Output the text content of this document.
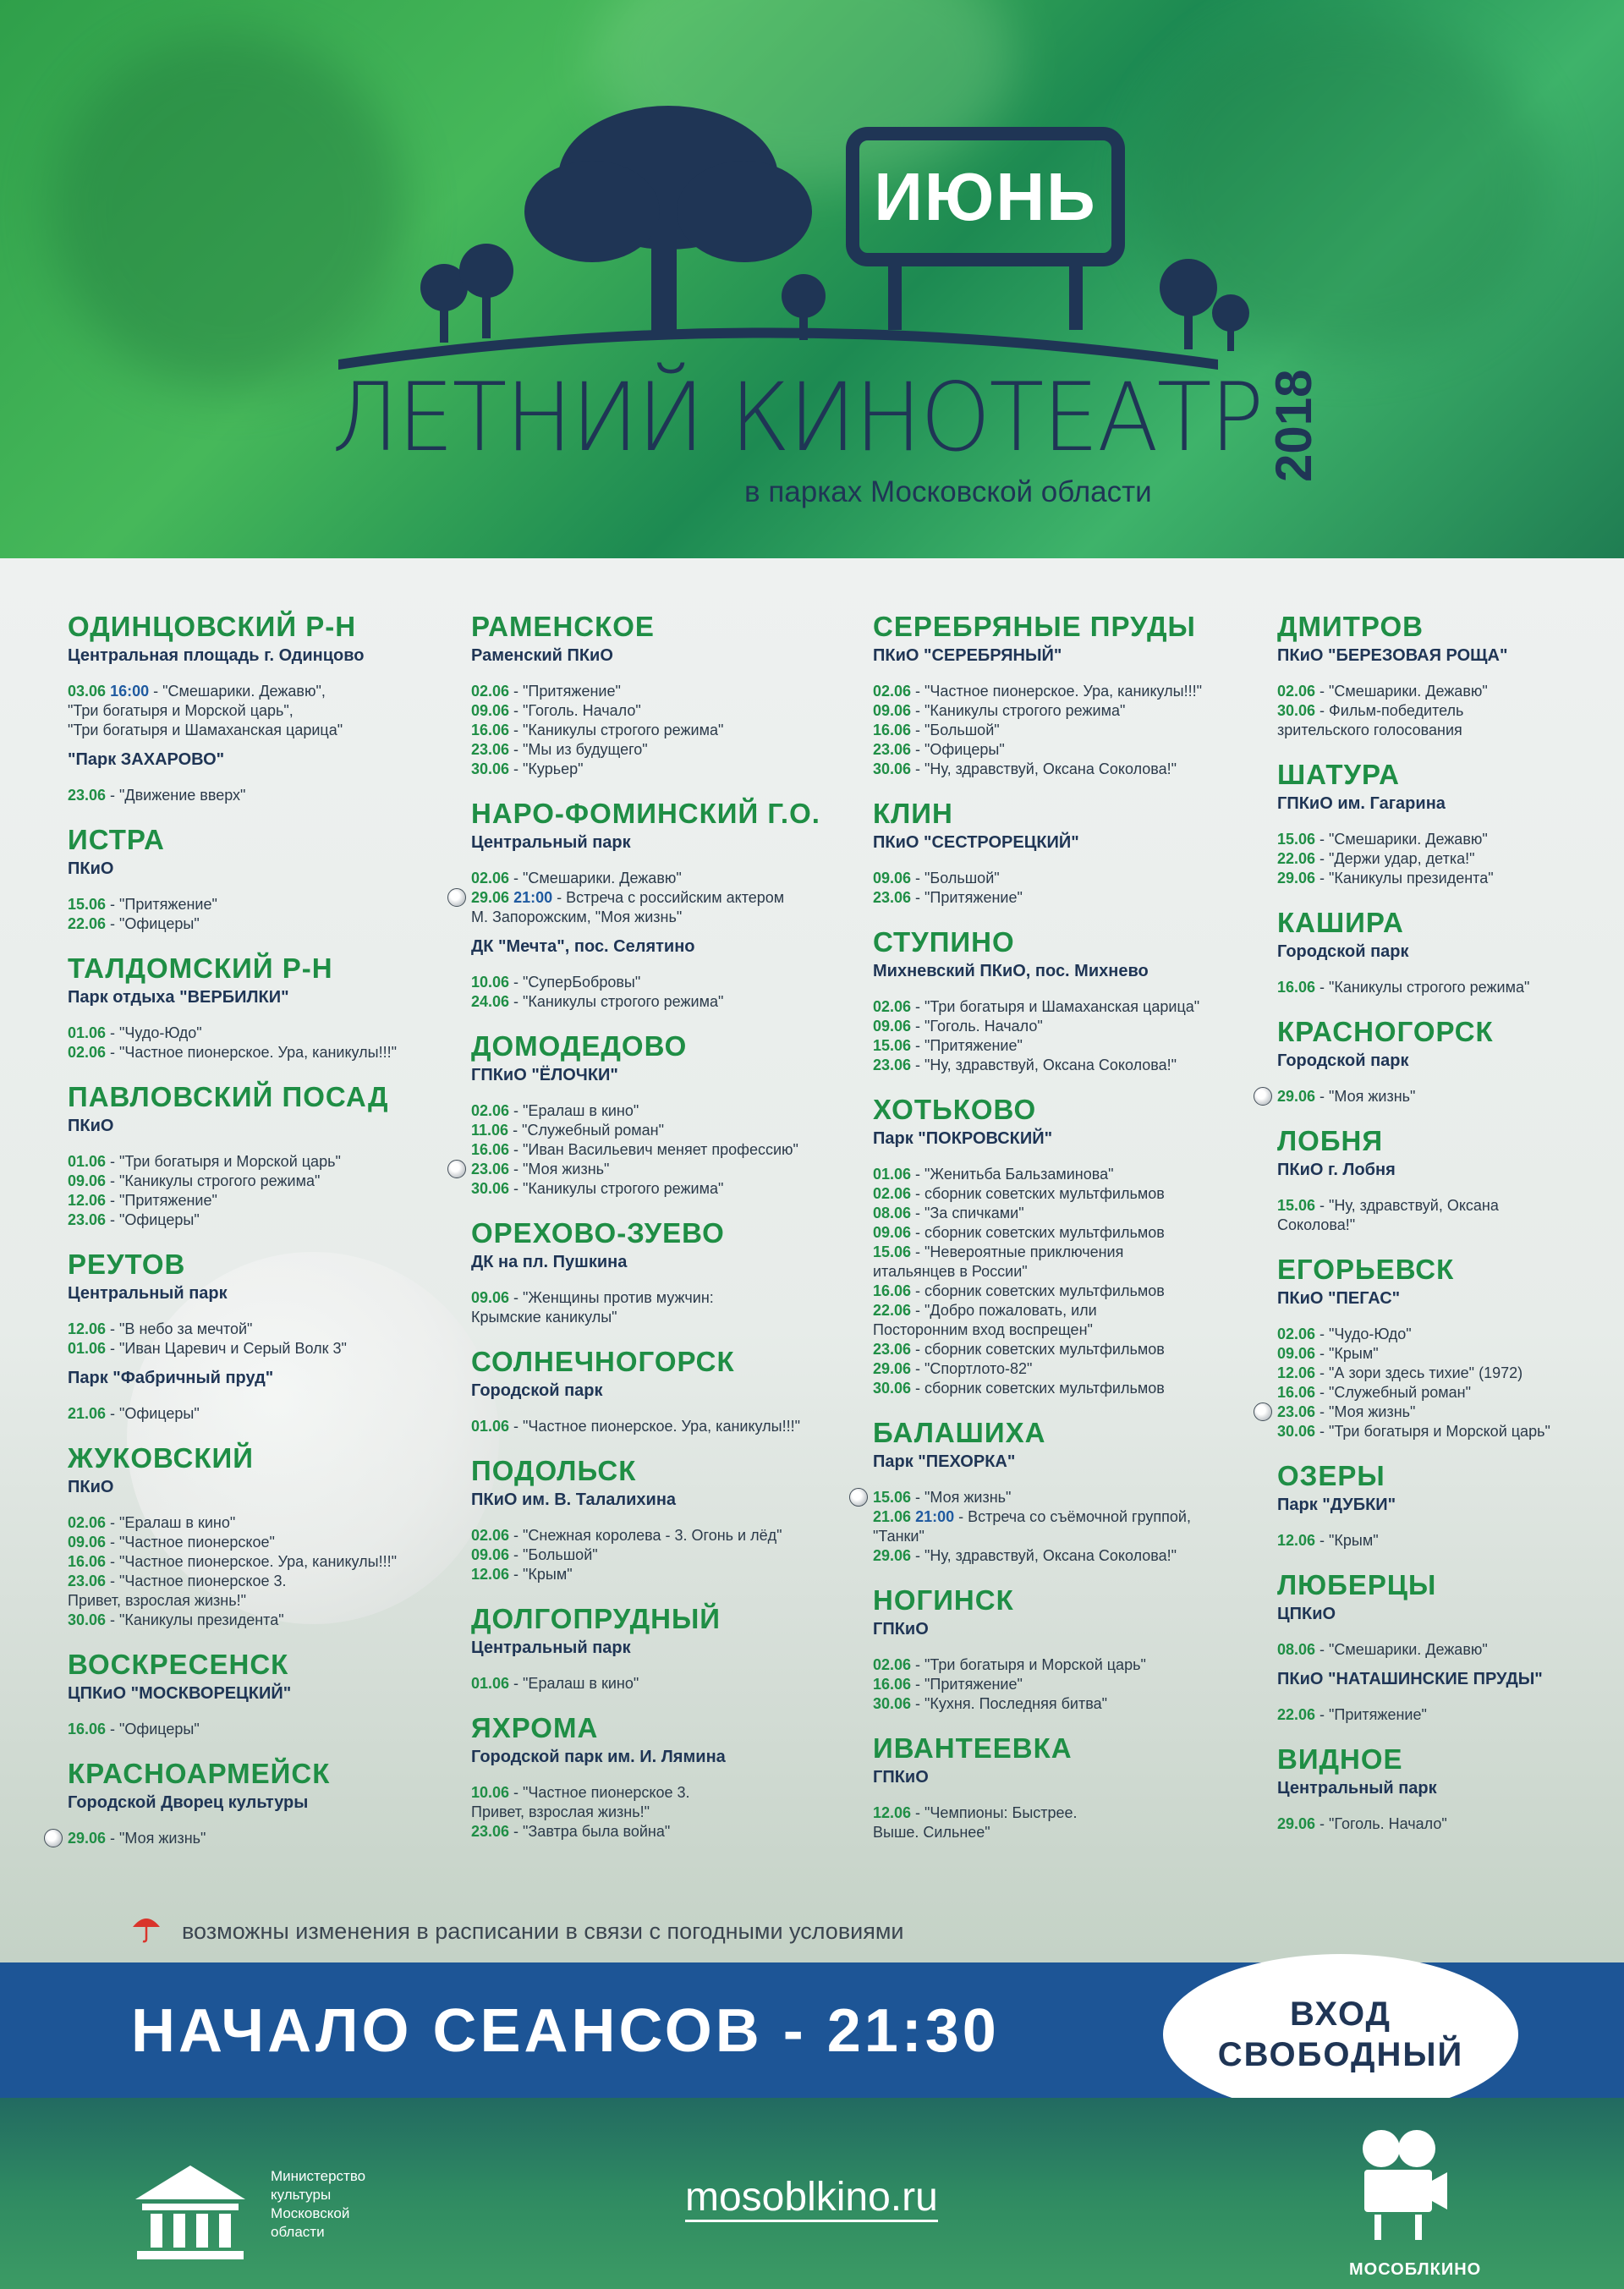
ИЮНЬ
ЛЕТНИЙ КИНОТЕАТР
в парках Московской области
2018
ОДИНЦОВСКИЙ Р-Н
Центральная площадь г. Одинцово
03.06 16:00 - "Смешарики. Дежавю",
"Три богатыря и Морской царь",
"Три богатыря и Шамаханская царица"
"Парк ЗАХАРОВО"
23.06 - "Движение вверх"
ИСТРА
ПКиО
15.06 - "Притяжение"
22.06 - "Офицеры"
ТАЛДОМСКИЙ Р-Н
Парк отдыха "ВЕРБИЛКИ"
01.06 - "Чудо-Юдо"
02.06 - "Частное пионерское. Ура, каникулы!!!"
ПАВЛОВСКИЙ ПОСАД
ПКиО
01.06 - "Три богатыря и Морской царь"
09.06 - "Каникулы строгого режима"
12.06 - "Притяжение"
23.06 - "Офицеры"
РЕУТОВ
Центральный парк
12.06 - "В небо за мечтой"
01.06 - "Иван Царевич и Серый Волк 3"
Парк "Фабричный пруд"
21.06 - "Офицеры"
ЖУКОВСКИЙ
ПКиО
02.06 - "Ералаш в кино"
09.06 - "Частное пионерское"
16.06 - "Частное пионерское. Ура, каникулы!!!"
23.06 - "Частное пионерское 3.
Привет, взрослая жизнь!"
30.06 - "Каникулы президента"
ВОСКРЕСЕНСК
ЦПКиО "МОСКВОРЕЦКИЙ"
16.06 - "Офицеры"
КРАСНОАРМЕЙСК
Городской Дворец культуры
29.06 - "Моя жизнь"
РАМЕНСКОЕ
Раменский ПКиО
02.06 - "Притяжение"
09.06 - "Гоголь. Начало"
16.06 - "Каникулы строгого режима"
23.06 - "Мы из будущего"
30.06 - "Курьер"
НАРО-ФОМИНСКИЙ Г.О.
Центральный парк
02.06 - "Смешарики. Дежавю"
29.06 21:00 - Встреча с российским актером
М. Запорожским, "Моя жизнь"
ДК "Мечта", пос. Селятино
10.06 - "СуперБобровы"
24.06 - "Каникулы строгого режима"
ДОМОДЕДОВО
ГПКиО "ЁЛОЧКИ"
02.06 - "Ералаш в кино"
11.06 - "Служебный роман"
16.06 - "Иван Васильевич меняет профессию"
23.06 - "Моя жизнь"
30.06 - "Каникулы строгого режима"
ОРЕХОВО-ЗУЕВО
ДК на пл. Пушкина
09.06 - "Женщины против мужчин:
Крымские каникулы"
СОЛНЕЧНОГОРСК
Городской парк
01.06 - "Частное пионерское. Ура, каникулы!!!"
ПОДОЛЬСК
ПКиО им. В. Талалихина
02.06 - "Снежная королева - 3. Огонь и лёд"
09.06 - "Большой"
12.06 - "Крым"
ДОЛГОПРУДНЫЙ
Центральный парк
01.06 - "Ералаш в кино"
ЯХРОМА
Городской парк им. И. Лямина
10.06 - "Частное пионерское 3.
Привет, взрослая жизнь!"
23.06 - "Завтра была война"
СЕРЕБРЯНЫЕ ПРУДЫ
ПКиО "СЕРЕБРЯНЫЙ"
02.06 - "Частное пионерское. Ура, каникулы!!!"
09.06 - "Каникулы строгого режима"
16.06 - "Большой"
23.06 - "Офицеры"
30.06 - "Ну, здравствуй, Оксана Соколова!"
КЛИН
ПКиО "СЕСТРОРЕЦКИЙ"
09.06 - "Большой"
23.06 - "Притяжение"
СТУПИНО
Михневский ПКиО, пос. Михнево
02.06 - "Три богатыря и Шамаханская царица"
09.06 - "Гоголь. Начало"
15.06 - "Притяжение"
23.06 - "Ну, здравствуй, Оксана Соколова!"
ХОТЬКОВО
Парк "ПОКРОВСКИЙ"
01.06 - "Женитьба Бальзаминова"
02.06 - сборник советских мультфильмов
08.06 - "За спичками"
09.06 - сборник советских мультфильмов
15.06 - "Невероятные приключения
итальянцев в России"
16.06 - сборник советских мультфильмов
22.06 - "Добро пожаловать, или
Посторонним вход воспрещен"
23.06 - сборник советских мультфильмов
29.06 - "Спортлото-82"
30.06 - сборник советских мультфильмов
БАЛАШИХА
Парк "ПЕХОРКА"
15.06 - "Моя жизнь"
21.06 21:00 - Встреча со съёмочной группой,
"Танки"
29.06 - "Ну, здравствуй, Оксана Соколова!"
НОГИНСК
ГПКиО
02.06 - "Три богатыря и Морской царь"
16.06 - "Притяжение"
30.06 - "Кухня. Последняя битва"
ИВАНТЕЕВКА
ГПКиО
12.06 - "Чемпионы: Быстрее.
Выше. Сильнее"
ДМИТРОВ
ПКиО "БЕРЕЗОВАЯ РОЩА"
02.06 - "Смешарики. Дежавю"
30.06 - Фильм-победитель
зрительского голосования
ШАТУРА
ГПКиО им. Гагарина
15.06 - "Смешарики. Дежавю"
22.06 - "Держи удар, детка!"
29.06 - "Каникулы президента"
КАШИРА
Городской парк
16.06 - "Каникулы строгого режима"
КРАСНОГОРСК
Городской парк
29.06 - "Моя жизнь"
ЛОБНЯ
ПКиО г. Лобня
15.06 - "Ну, здравствуй, Оксана
Соколова!"
ЕГОРЬЕВСК
ПКиО "ПЕГАС"
02.06 - "Чудо-Юдо"
09.06 - "Крым"
12.06 - "А зори здесь тихие" (1972)
16.06 - "Служебный роман"
23.06 - "Моя жизнь"
30.06 - "Три богатыря и Морской царь"
ОЗЕРЫ
Парк "ДУБКИ"
12.06 - "Крым"
ЛЮБЕРЦЫ
ЦПКиО
08.06 - "Смешарики. Дежавю"
ПКиО "НАТАШИНСКИЕ ПРУДЫ"
22.06 - "Притяжение"
ВИДНОЕ
Центральный парк
29.06 - "Гоголь. Начало"
возможны изменения в расписании в связи с погодными условиями
НАЧАЛО СЕАНСОВ - 21:30	ВХОД
СВОБОДНЫЙ
Министерство
культуры
Московской
области
mosoblkino.ru
МОСОБЛКИНО
